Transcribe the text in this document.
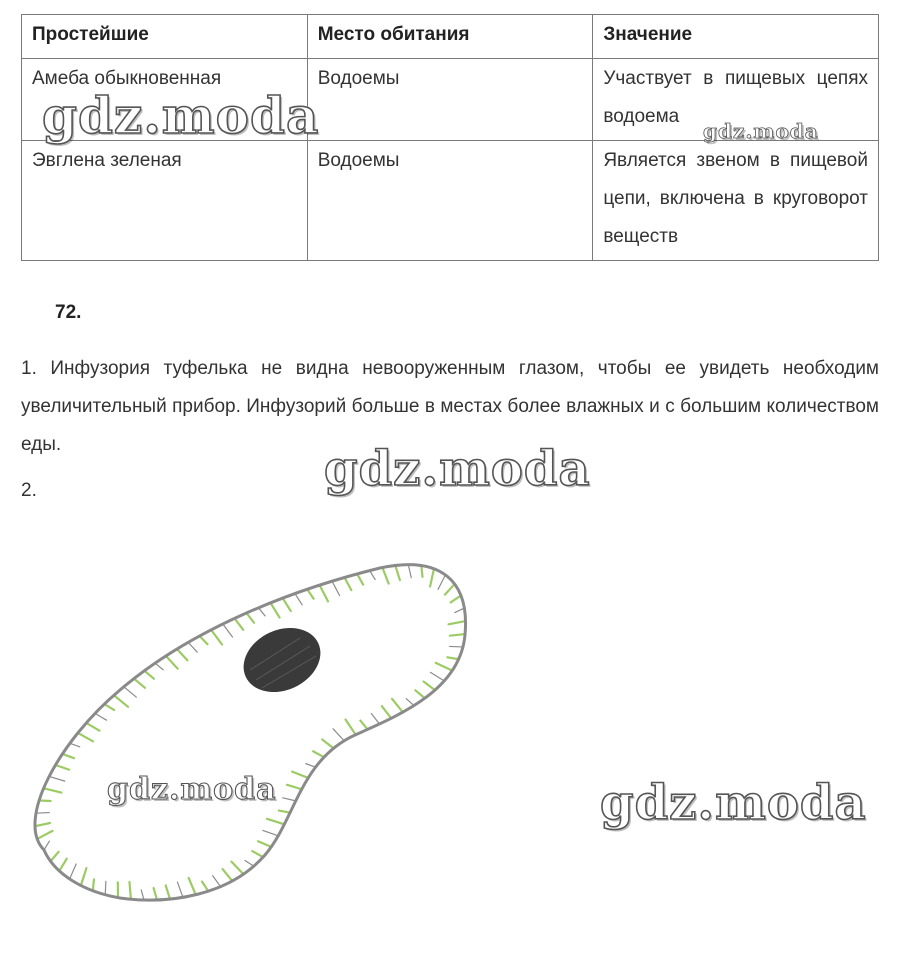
Простейшие	Место обитания	Значение
Амеба обыкновенная	Водоемы	Участвует в пищевых цепях водоема
Эвглена зеленая	Водоемы	Является звеном в пищевой цепи, включена в круговорот веществ
72.
1. Инфузория туфелька не видна невооруженным глазом, чтобы ее увидеть необходим увеличительный прибор. Инфузорий больше в местах более влажных и с большим количеством еды.
2.
gdz.moda	gdz.moda
gdz.moda
gdz.moda	gdz.moda
